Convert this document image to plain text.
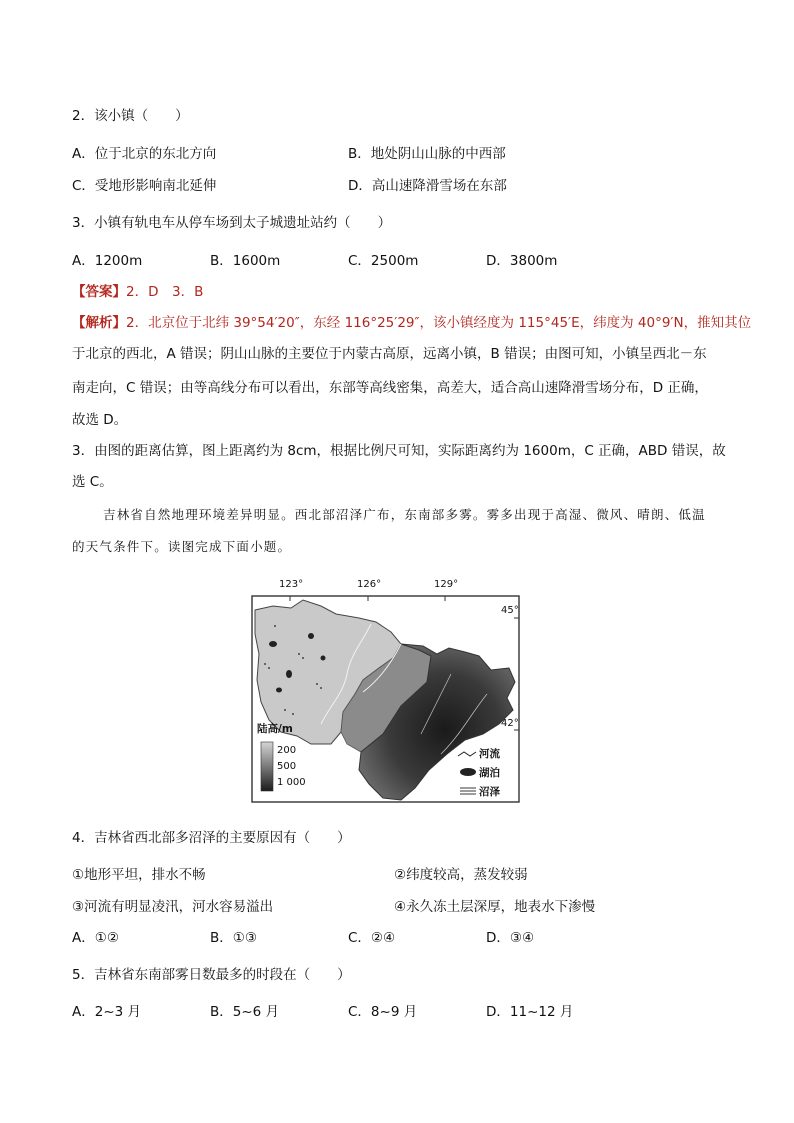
2．该小镇（　　）
A．位于北京的东北方向	B．地处阴山山脉的中西部
C．受地形影响南北延伸	D．高山速降滑雪场在东部
3．小镇有轨电车从停车场到太子城遗址站约（　　）
A．1200m	B．1600m	C．2500m	D．3800m
【答案】2．D　3．B
【解析】2．北京位于北纬 39°54′20″，东经 116°25′29″，该小镇经度为 115°45′E，纬度为 40°9′N，推知其位
于北京的西北，A 错误；阴山山脉的主要位于内蒙古高原，远离小镇，B 错误；由图可知，小镇呈西北－东
南走向，C 错误；由等高线分布可以看出，东部等高线密集，高差大，适合高山速降滑雪场分布，D 正确，
故选 D。
3．由图的距离估算，图上距离约为 8cm，根据比例尺可知，实际距离约为 1600m，C 正确，ABD 错误，故
选 C。
吉林省自然地理环境差异明显。西北部沼泽广布，东南部多雾。雾多出现于高湿、微风、晴朗、低温
的天气条件下。读图完成下面小题。
123°	126°	129°
45°
42°
陆高/m
200
500
1 000
河流
湖泊
沼泽
4．吉林省西北部多沼泽的主要原因有（　　）
①地形平坦，排水不畅	②纬度较高，蒸发较弱
③河流有明显凌汛，河水容易溢出	④永久冻土层深厚，地表水下渗慢
A．①②	B．①③	C．②④	D．③④
5．吉林省东南部雾日数最多的时段在（　　）
A．2~3 月	B．5~6 月	C．8~9 月	D．11~12 月
